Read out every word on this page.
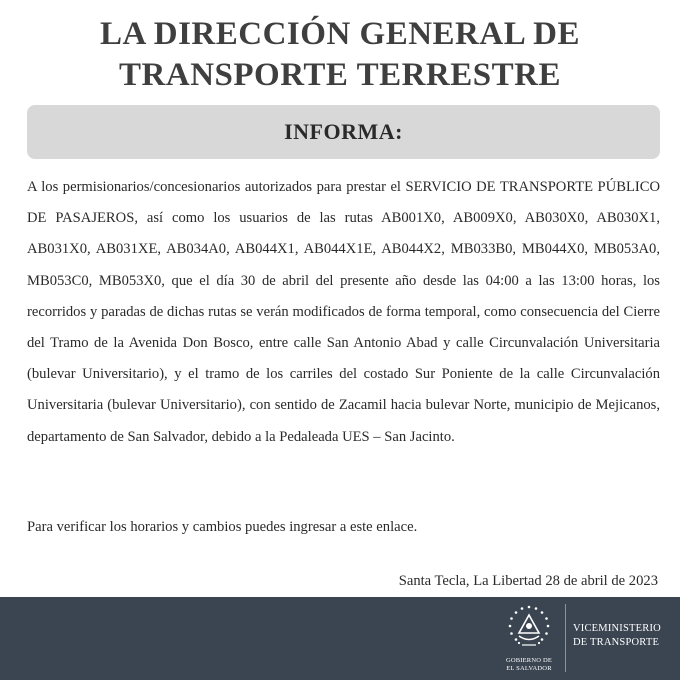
LA DIRECCIÓN GENERAL DE
TRANSPORTE TERRESTRE
INFORMA:

A los permisionarios/concesionarios autorizados para prestar el SERVICIO DE TRANSPORTE PÚBLICO DE PASAJEROS, así como los usuarios de las rutas AB001X0, AB009X0, AB030X0, AB030X1, AB031X0, AB031XE, AB034A0, AB044X1, AB044X1E, AB044X2, MB033B0, MB044X0, MB053A0, MB053C0, MB053X0, que el día 30 de abril del presente año desde las 04:00 a las 13:00 horas, los recorridos y paradas de dichas rutas se verán modificados de forma temporal, como consecuencia del Cierre del Tramo de la Avenida Don Bosco, entre calle San Antonio Abad y calle Circunvalación Universitaria (bulevar Universitario), y el tramo de los carriles del costado Sur Poniente de la calle Circunvalación Universitaria (bulevar Universitario), con sentido de Zacamil hacia bulevar Norte, municipio de Mejicanos, departamento de San Salvador, debido a la Pedaleada UES – San Jacinto.

Para verificar los horarios y cambios puedes ingresar a este enlace.
Santa Tecla, La Libertad 28 de abril de 2023
GOBIERNO DE
EL SALVADOR
VICEMINISTERIO
DE TRANSPORTE
